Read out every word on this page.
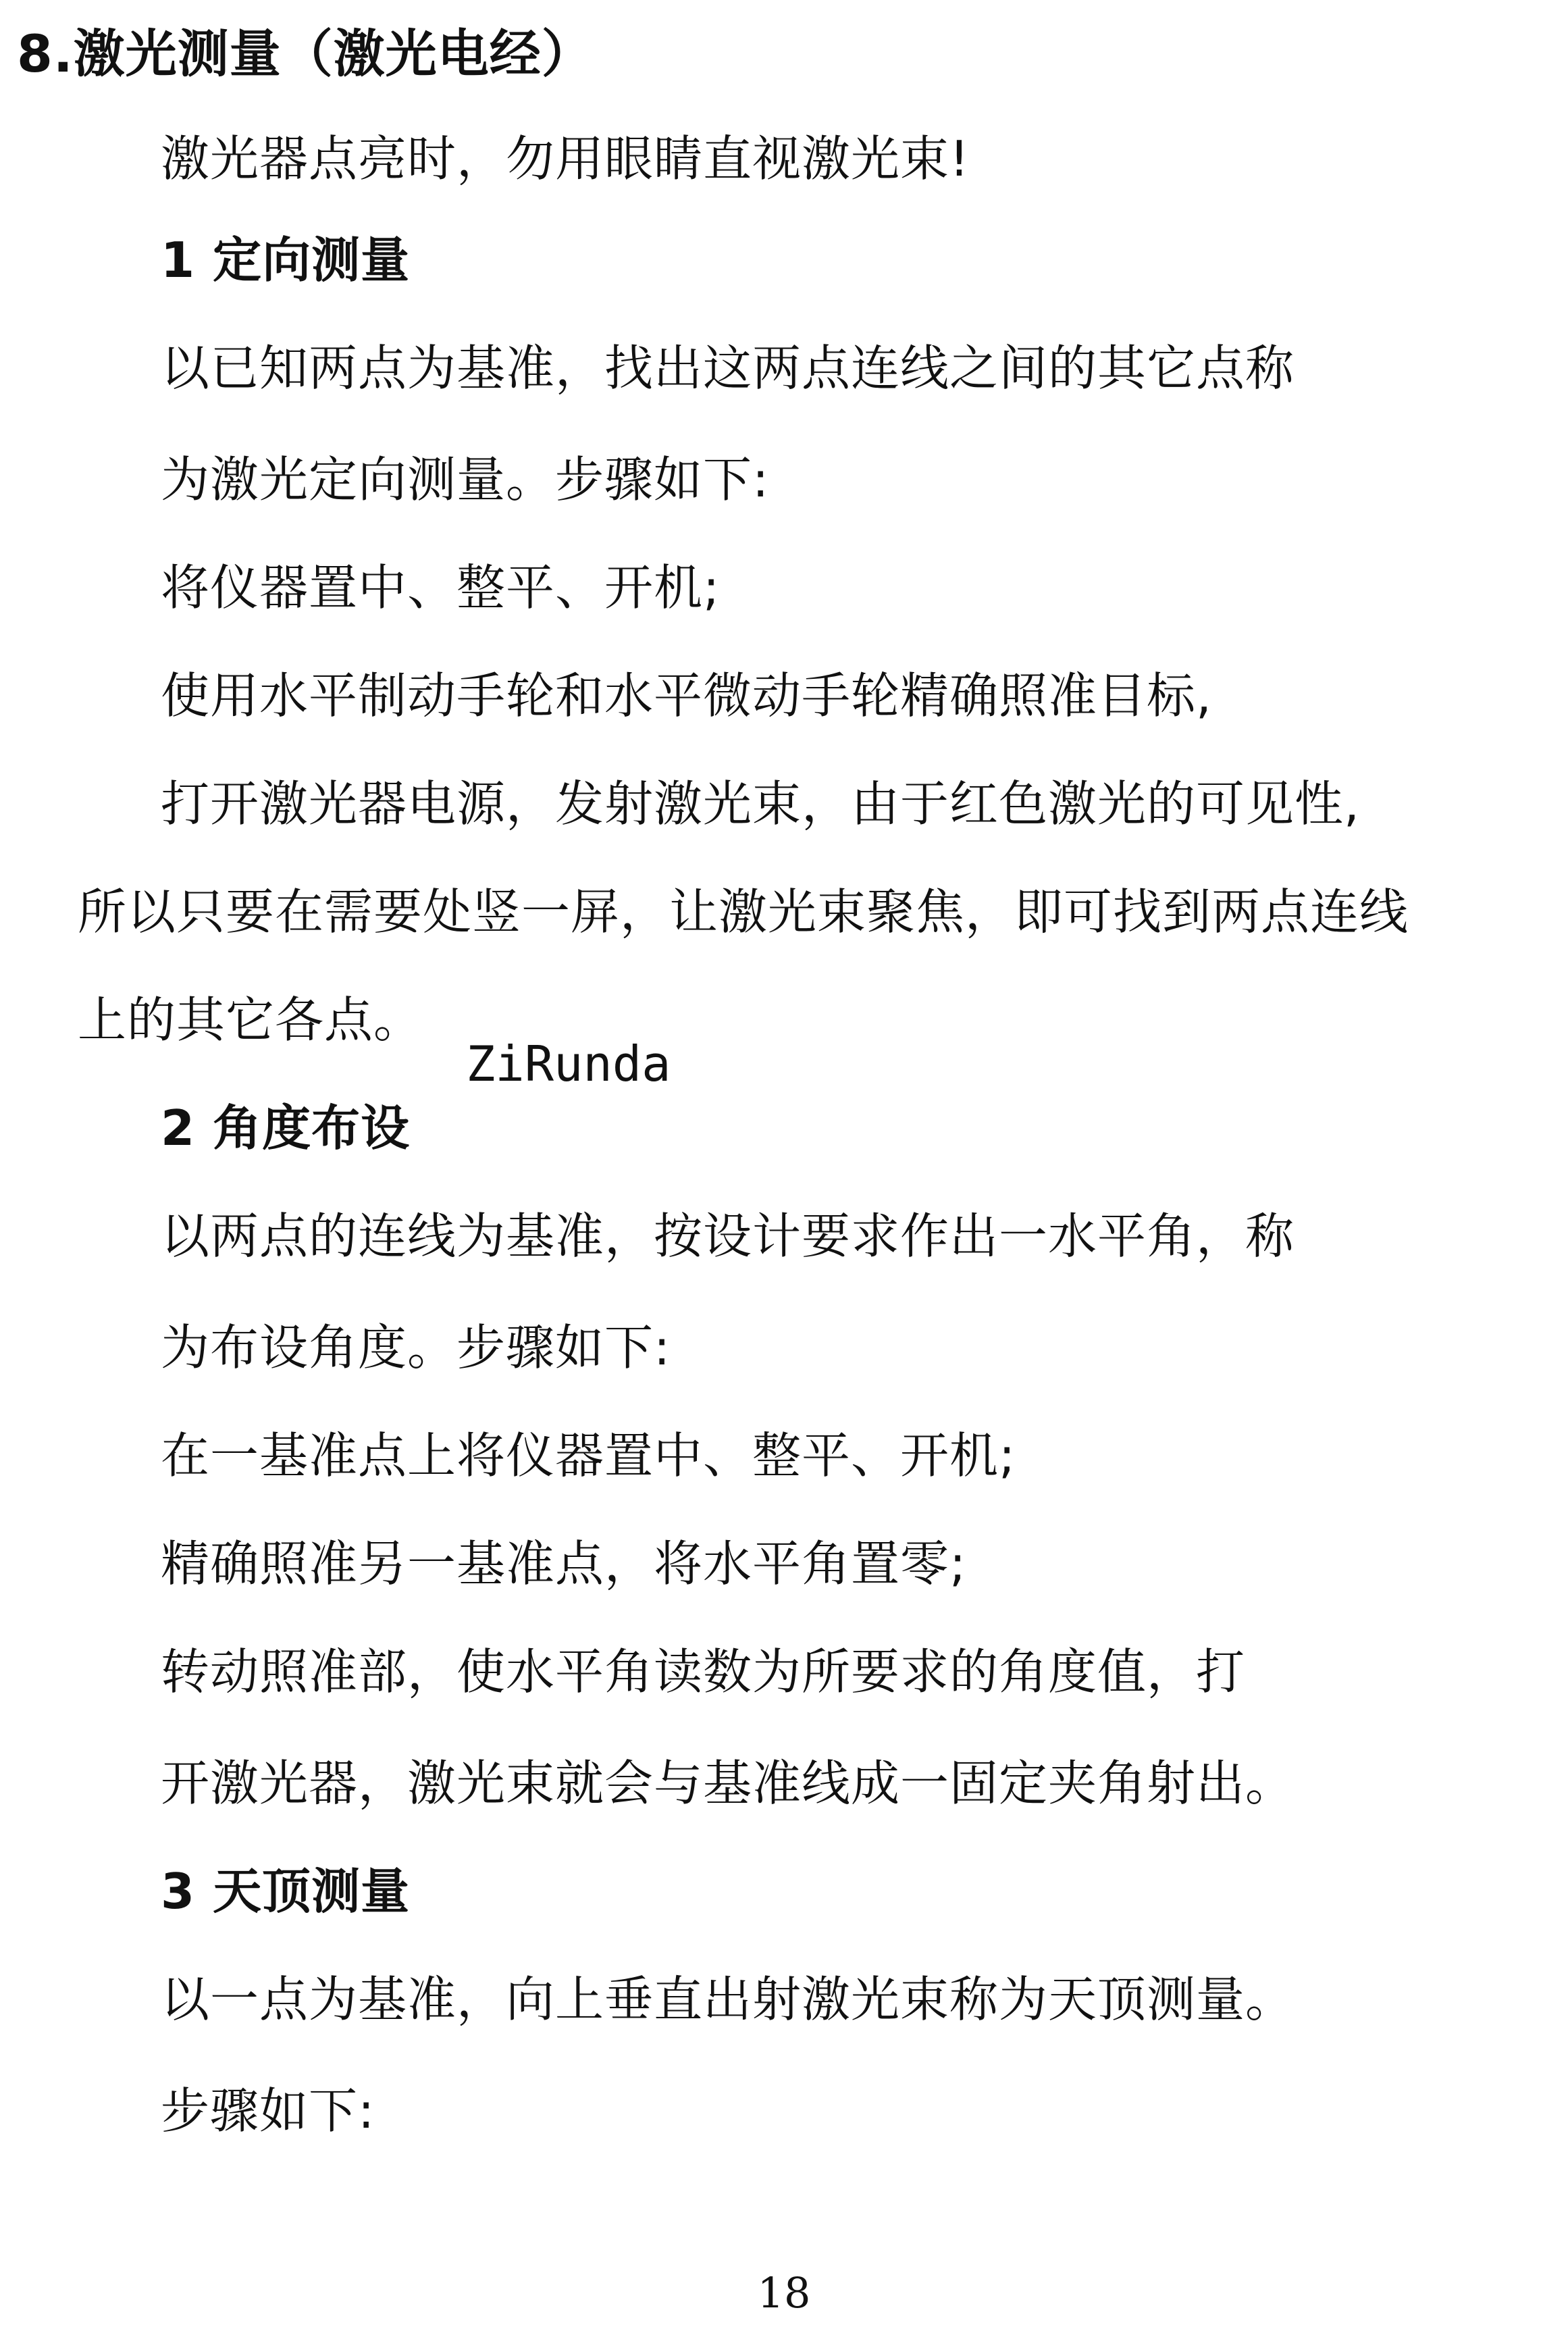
8.激光测量（激光电经）
激光器点亮时，勿用眼睛直视激光束!
1 定向测量
以已知两点为基准，找出这两点连线之间的其它点称
为激光定向测量。步骤如下:
将仪器置中、整平、开机;
使用水平制动手轮和水平微动手轮精确照准目标,
打开激光器电源，发射激光束，由于红色激光的可见性,
所以只要在需要处竖一屏，让激光束聚焦，即可找到两点连线
上的其它各点。
ZiRunda
2 角度布设
以两点的连线为基准，按设计要求作出一水平角，称
为布设角度。步骤如下:
在一基准点上将仪器置中、整平、开机;
精确照准另一基准点，将水平角置零;
转动照准部，使水平角读数为所要求的角度值，打
开激光器，激光束就会与基准线成一固定夹角射出。
3 天顶测量
以一点为基准，向上垂直出射激光束称为天顶测量。
步骤如下:
18
